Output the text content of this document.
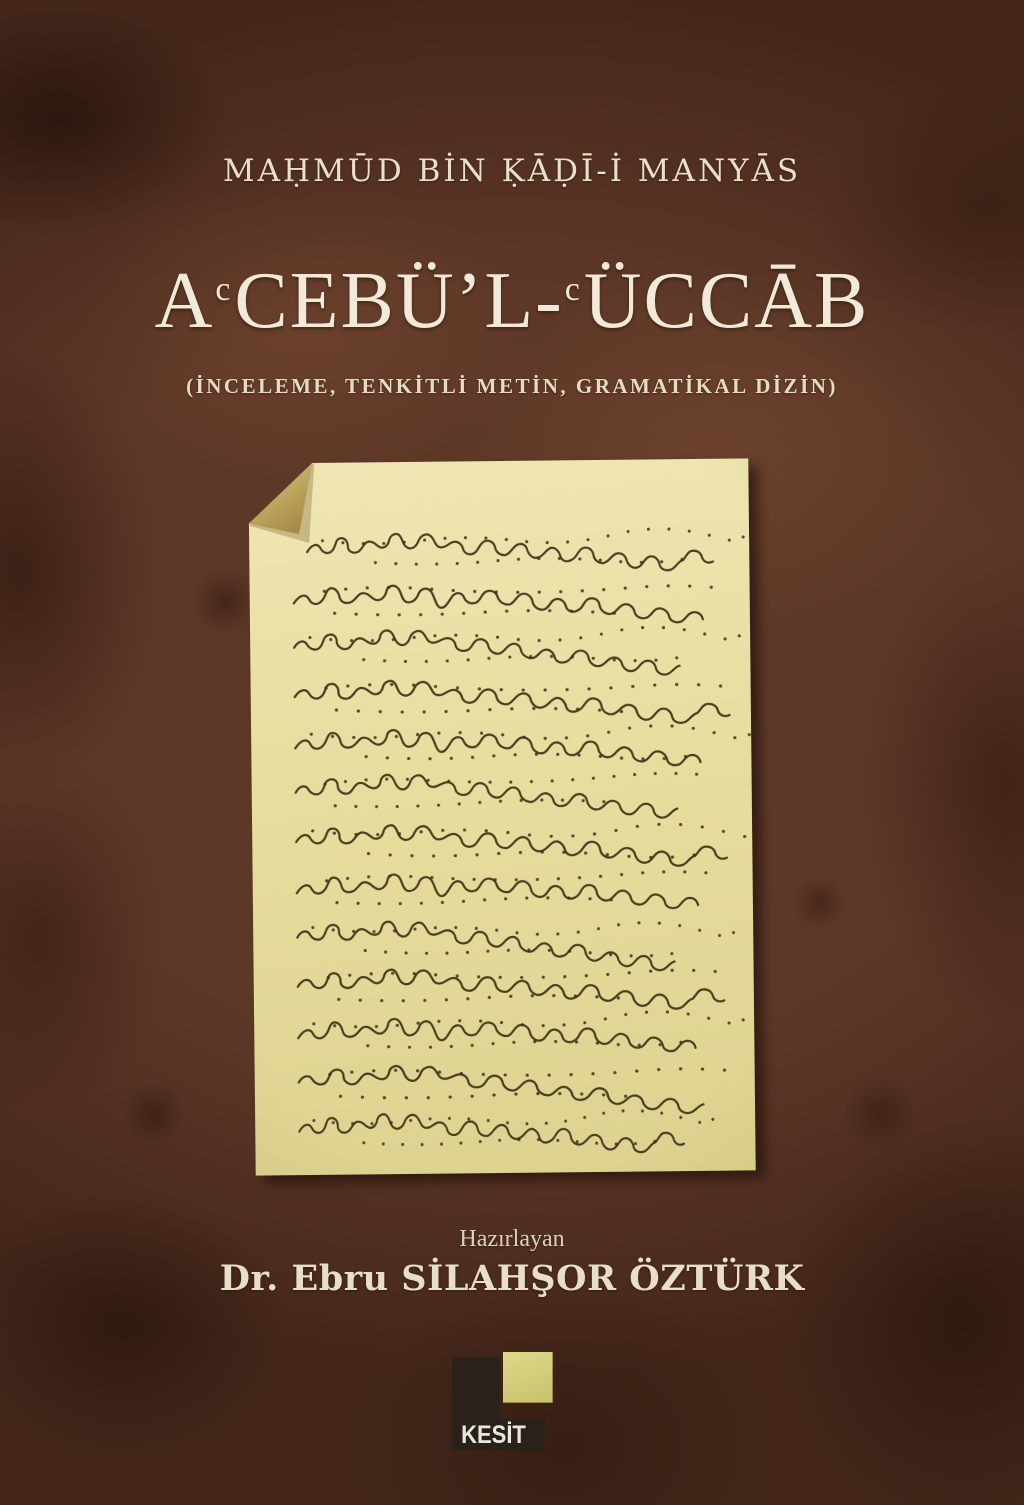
MAḤMŪD BİN ḲĀḌĪ-İ MANYĀS
AcCEBÜ’L-cÜCCĀB
(İNCELEME, TENKİTLİ METİN, GRAMATİKAL DİZİN)
Hazırlayan
Dr. Ebru SİLAHŞOR ÖZTÜRK
KESİT
